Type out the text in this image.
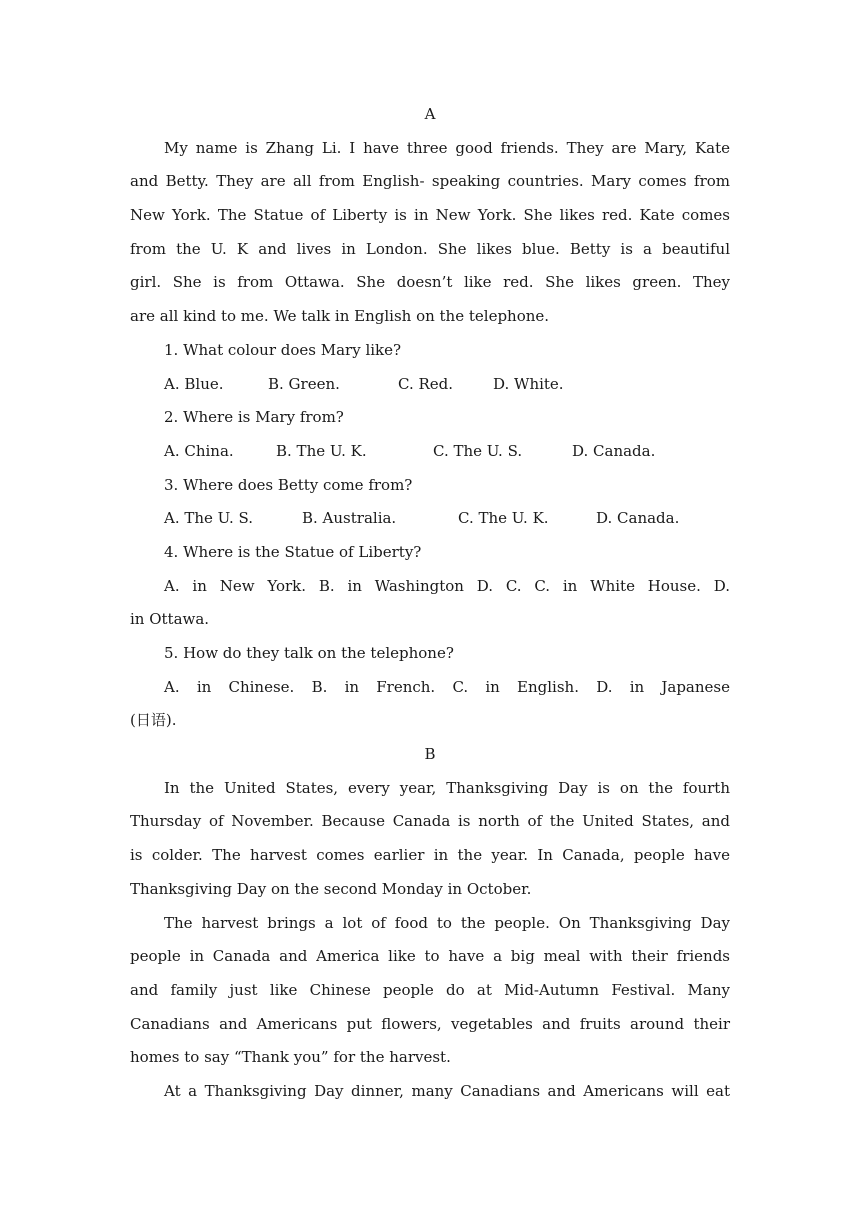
A
My name is Zhang Li. I have three good friends. They are Mary, Kate
and Betty. They are all from English- speaking countries. Mary comes from
New York. The Statue of Liberty is in New York. She likes red. Kate comes
from the U. K and lives in London. She likes blue. Betty is a beautiful
girl. She is from Ottawa. She doesn’t like red. She likes green. They
are all kind to me. We talk in English on the telephone.
1. What colour does Mary like?
A. Blue.	B. Green.	C. Red.	D. White.
2. Where is Mary from?
A. China.	B. The U. K.	C. The U. S.	D. Canada.
3. Where does Betty come from?
A. The U. S.	B. Australia.	C. The U. K.	D. Canada.
4. Where is the Statue of Liberty?
A. in New York. B. in Washington D. C. C. in White House. D.
in Ottawa.
5. How do they talk on the telephone?
A. in Chinese. B. in French. C. in English. D. in Japanese
(日语).
B
In the United States, every year, Thanksgiving Day is on the fourth
Thursday of November. Because Canada is north of the United States, and
is colder. The harvest comes earlier in the year. In Canada, people have
Thanksgiving Day on the second Monday in October.
The harvest brings a lot of food to the people. On Thanksgiving Day
people in Canada and America like to have a big meal with their friends
and family just like Chinese people do at Mid-Autumn Festival. Many
Canadians and Americans put flowers, vegetables and fruits around their
homes to say “Thank you” for the harvest.
At a Thanksgiving Day dinner, many Canadians and Americans will eat
